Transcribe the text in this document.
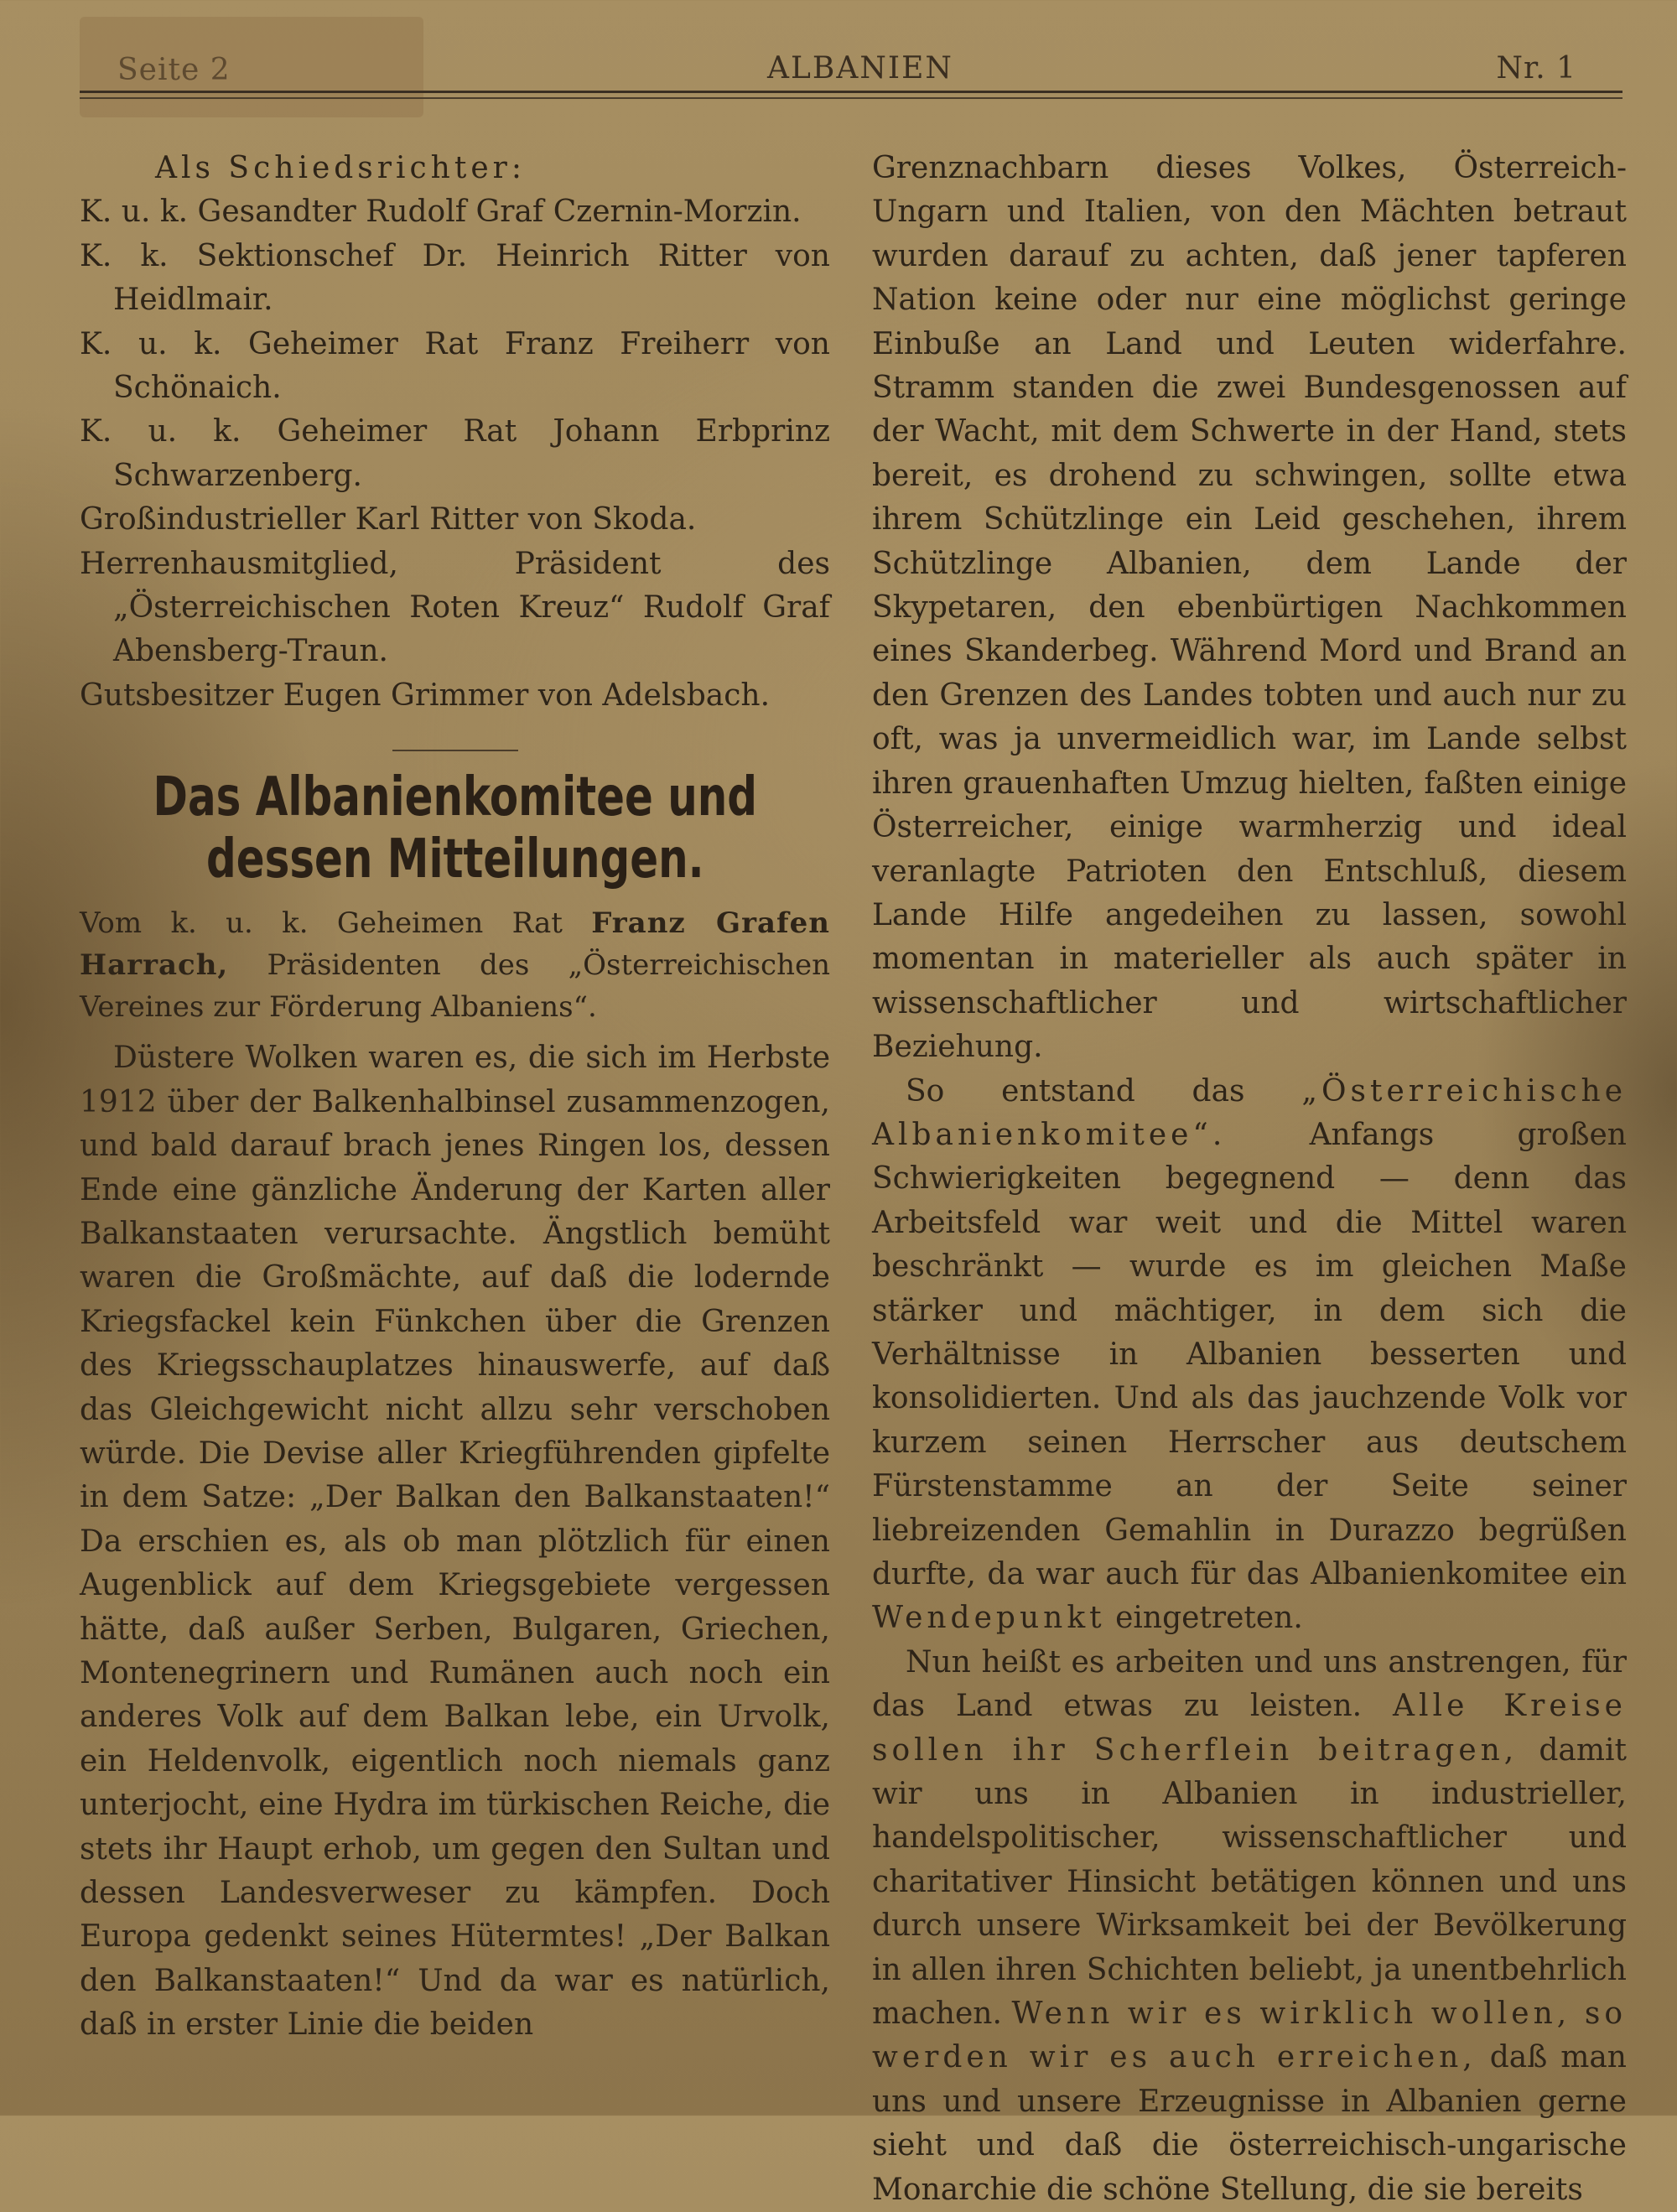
Seite 2	ALBANIEN	Nr. 1

Als Schiedsrichter:

K. u. k. Gesandter Rudolf Graf Czernin-Morzin.

K. k. Sektionschef Dr. Heinrich Ritter von Heidlmair.

K. u. k. Geheimer Rat Franz Freiherr von Schönaich.

K. u. k. Geheimer Rat Johann Erbprinz Schwarzenberg.

Großindustrieller Karl Ritter von Skoda.

Herrenhausmitglied, Präsident des „Österreichischen Roten Kreuz“ Rudolf Graf Abensberg-Traun.

Gutsbesitzer Eugen Grimmer von Adelsbach.

Das Albanienkomitee und dessen Mitteilungen.

Vom k. u. k. Geheimen Rat Franz Grafen Harrach, Präsidenten des „Österreichischen Vereines zur Förderung Albaniens“.

Düstere Wolken waren es, die sich im Herbste 1912 über der Balkenhalbinsel zusammenzogen, und bald darauf brach jenes Ringen los, dessen Ende eine gänzliche Änderung der Karten aller Balkanstaaten verursachte. Ängstlich bemüht waren die Großmächte, auf daß die lodernde Kriegsfackel kein Fünkchen über die Grenzen des Kriegsschauplatzes hinauswerfe, auf daß das Gleichgewicht nicht allzu sehr verschoben würde. Die Devise aller Kriegführenden gipfelte in dem Satze: „Der Balkan den Balkanstaaten!“ Da erschien es, als ob man plötzlich für einen Augenblick auf dem Kriegsgebiete vergessen hätte, daß außer Serben, Bulgaren, Griechen, Montenegrinern und Rumänen auch noch ein anderes Volk auf dem Balkan lebe, ein Urvolk, ein Heldenvolk, eigentlich noch niemals ganz unterjocht, eine Hydra im türkischen Reiche, die stets ihr Haupt erhob, um gegen den Sultan und dessen Landesverweser zu kämpfen. Doch Europa gedenkt seines Hütermtes! „Der Balkan den Balkanstaaten!“ Und da war es natürlich, daß in erster Linie die beiden

Grenznachbarn dieses Volkes, Österreich-Ungarn und Italien, von den Mächten betraut wurden darauf zu achten, daß jener tapferen Nation keine oder nur eine möglichst geringe Einbuße an Land und Leuten widerfahre. Stramm standen die zwei Bundesgenossen auf der Wacht, mit dem Schwerte in der Hand, stets bereit, es drohend zu schwingen, sollte etwa ihrem Schützlinge ein Leid geschehen, ihrem Schützlinge Albanien, dem Lande der Skypetaren, den ebenbürtigen Nachkommen eines Skanderbeg. Während Mord und Brand an den Grenzen des Landes tobten und auch nur zu oft, was ja unvermeidlich war, im Lande selbst ihren grauenhaften Umzug hielten, faßten einige Österreicher, einige warmherzig und ideal veranlagte Patrioten den Entschluß, diesem Lande Hilfe angedeihen zu lassen, sowohl momentan in materieller als auch später in wissenschaftlicher und wirtschaftlicher Beziehung.

So entstand das „Österreichische Albanienkomitee“.	Anfangs großen Schwierigkeiten begegnend — denn das Arbeitsfeld war weit und die Mittel waren beschränkt — wurde es im gleichen Maße stärker und mächtiger, in dem sich die Verhältnisse in Albanien besserten und konsolidierten. Und als das jauchzende Volk vor kurzem seinen Herrscher aus deutschem Fürstenstamme an der Seite seiner liebreizenden Gemahlin in Durazzo begrüßen durfte, da war auch für das Albanienkomitee ein Wendepunkt eingetreten.

Nun heißt es arbeiten und uns anstrengen, für das Land etwas zu leisten. Alle Kreise sollen ihr Scherflein beitragen, damit wir uns in Albanien in industrieller, handelspolitischer, wissenschaftlicher und charitativer Hinsicht betätigen können und uns durch unsere Wirksamkeit bei der Bevölkerung in allen ihren Schichten beliebt, ja unentbehrlich machen. Wenn wir es wirklich wollen, so werden wir es auch erreichen, daß man uns und unsere Erzeugnisse in Albanien gerne sieht und daß die österreichisch-ungarische Monarchie die schöne Stellung, die sie bereits
